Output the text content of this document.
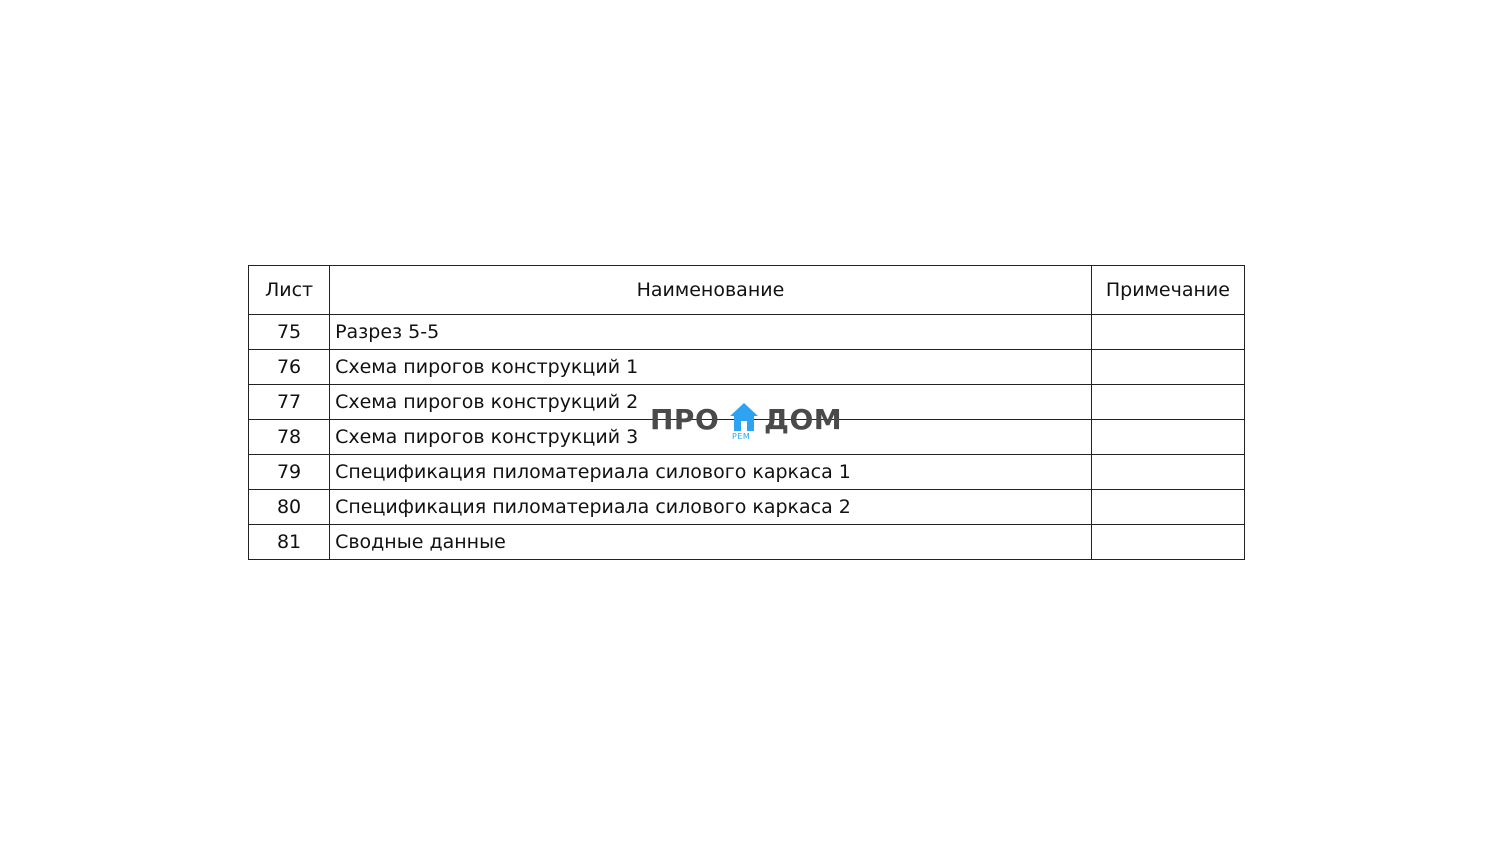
Лист	Наименование	Примечание
75	Разрез 5-5	
76	Схема пирогов конструкций 1	
77	Схема пирогов конструкций 2	
78	Схема пирогов конструкций 3	
79	Спецификация пиломатериала силового каркаса 1	
80	Спецификация пиломатериала силового каркаса 2	
81	Сводные данные	
ПРО
РЕМ
ДОМ
